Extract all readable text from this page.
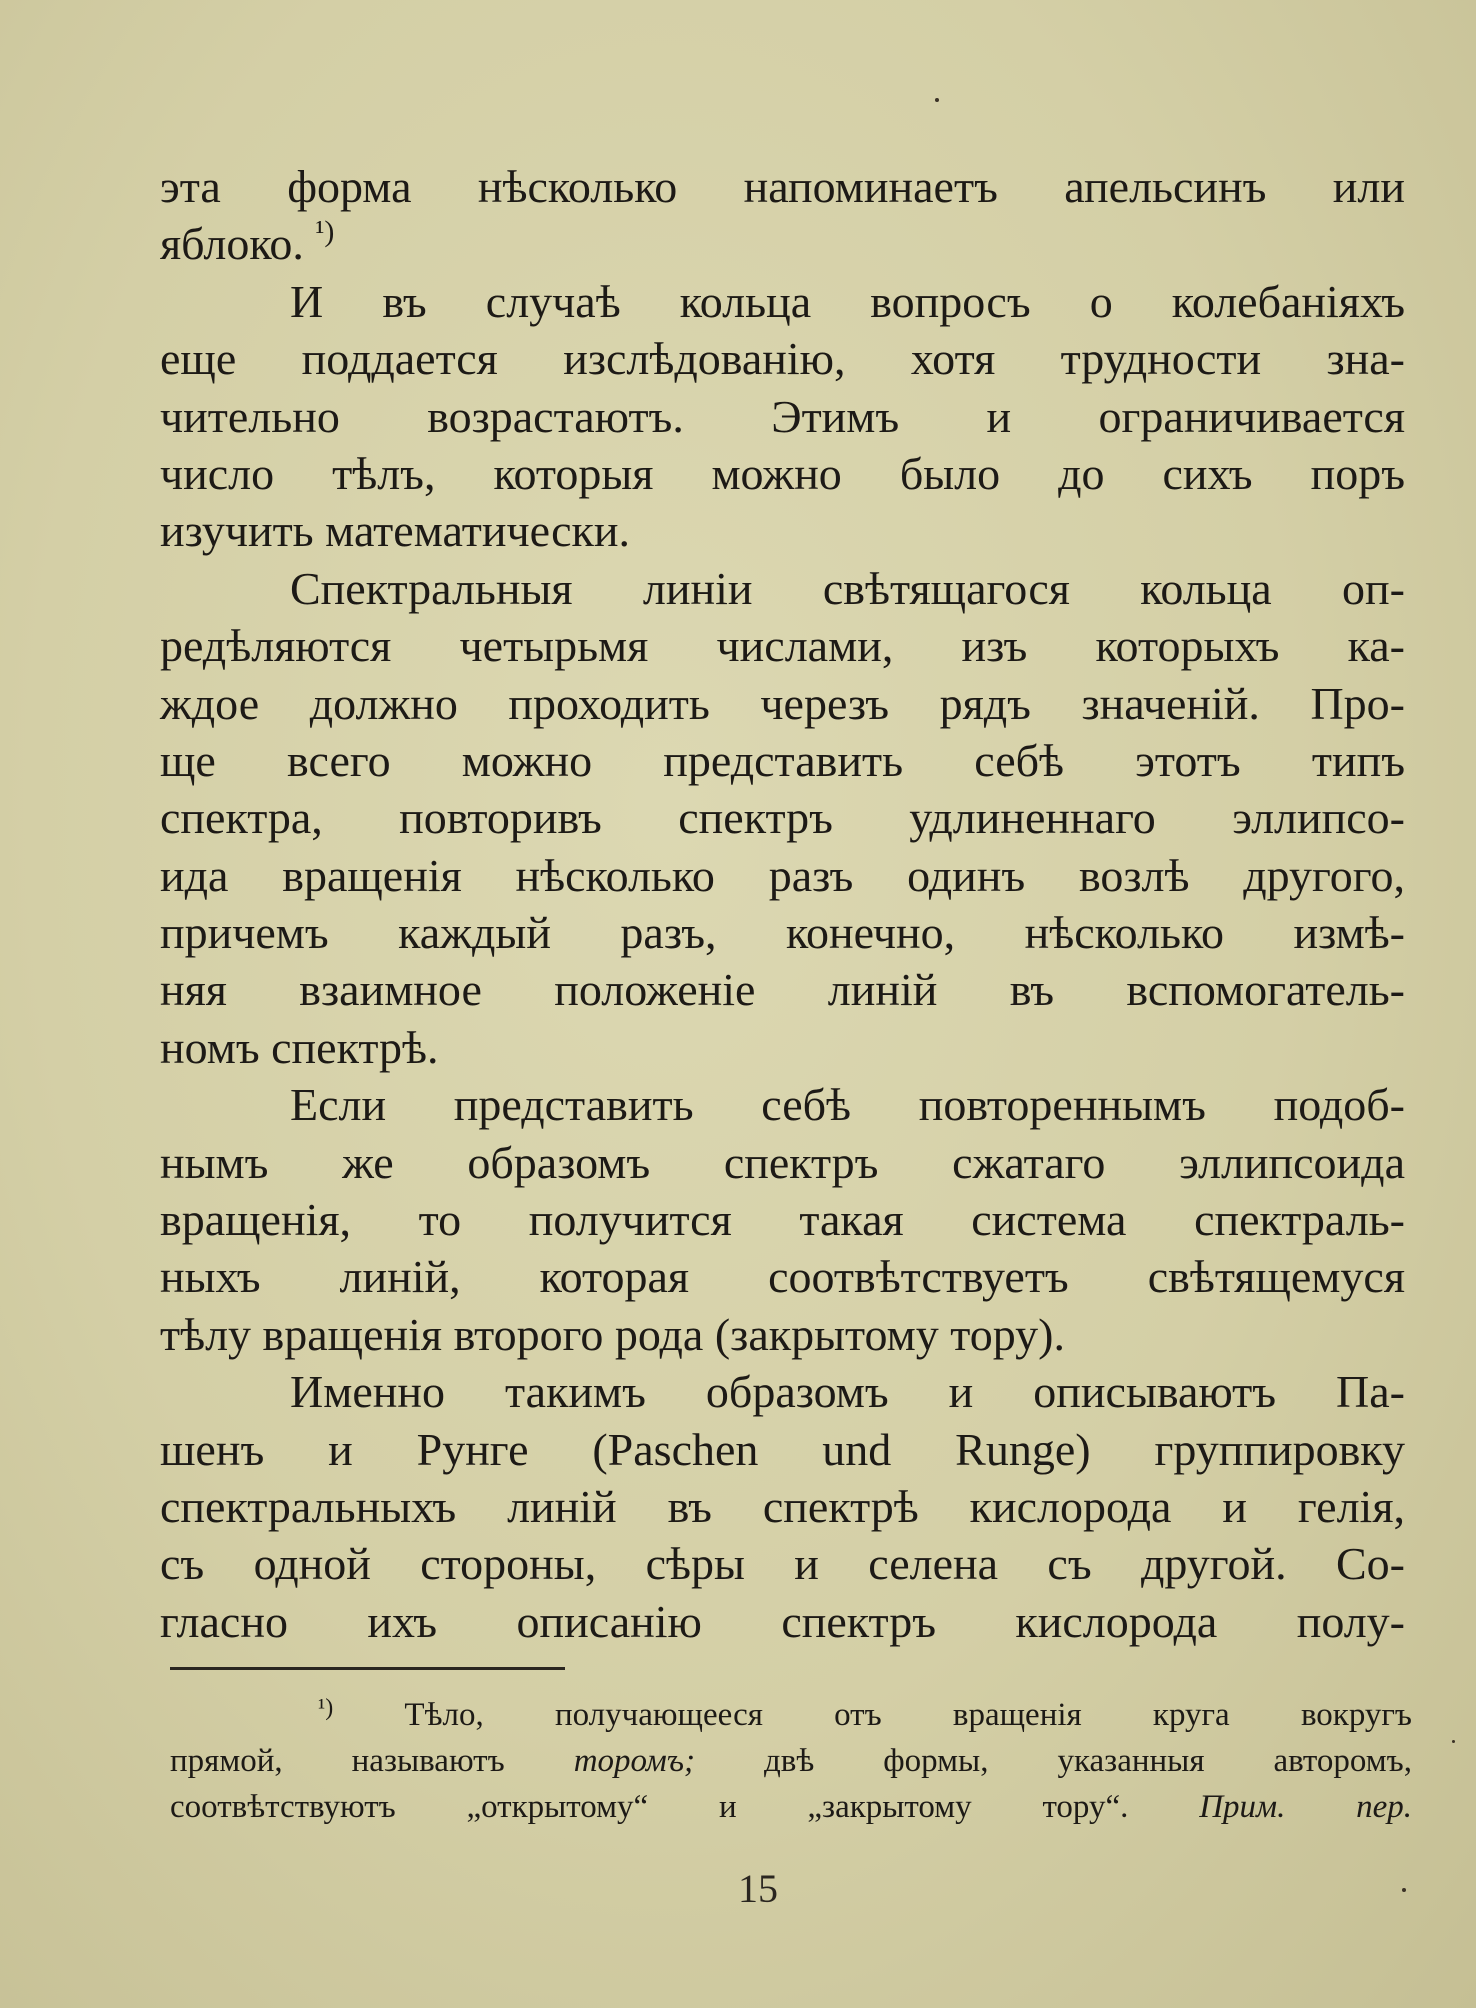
эта форма нѣсколько напоминаетъ апельсинъ или
яблоко. $^{^1)}$
И въ случаѣ кольца вопросъ о колебаніяхъ
еще поддается изслѣдованію, хотя трудности зна-
чительно возрастаютъ. Этимъ и ограничивается
число тѣлъ, которыя можно было до сихъ поръ
изучить математически.
Спектральныя линіи свѣтящагося кольца оп-
редѣляются четырьмя числами, изъ которыхъ ка-
ждое должно проходить черезъ рядъ значеній. Про-
ще всего можно представить себѣ этотъ типъ
спектра, повторивъ спектръ удлиненнаго эллипсо-
ида вращенія нѣсколько разъ одинъ возлѣ другого,
причемъ каждый разъ, конечно, нѣсколько измѣ-
няя взаимное положеніе линій въ вспомогатель-
номъ спектрѣ.
Если представить себѣ повтореннымъ подоб-
нымъ же образомъ спектръ сжатаго эллипсоида
вращенія, то получится такая система спектраль-
ныхъ линій, которая соотвѣтствуетъ свѣтящемуся
тѣлу вращенія второго рода (закрытому тору).
Именно такимъ образомъ и описываютъ Па-
шенъ и Рунге (Paschen und Runge) группировку
спектральныхъ линій въ спектрѣ кислорода и гелія,
съ одной стороны, сѣры и селена съ другой. Со-
гласно ихъ описанію спектръ кислорода полу-
$^{^1)}$ Тѣло, получающееся отъ вращенія круга вокругъ
прямой, называютъ торомъ; двѣ формы, указанныя авторомъ,
соотвѣтствуютъ „открытому“ и „закрытому тору“. Прим. пер.
15
